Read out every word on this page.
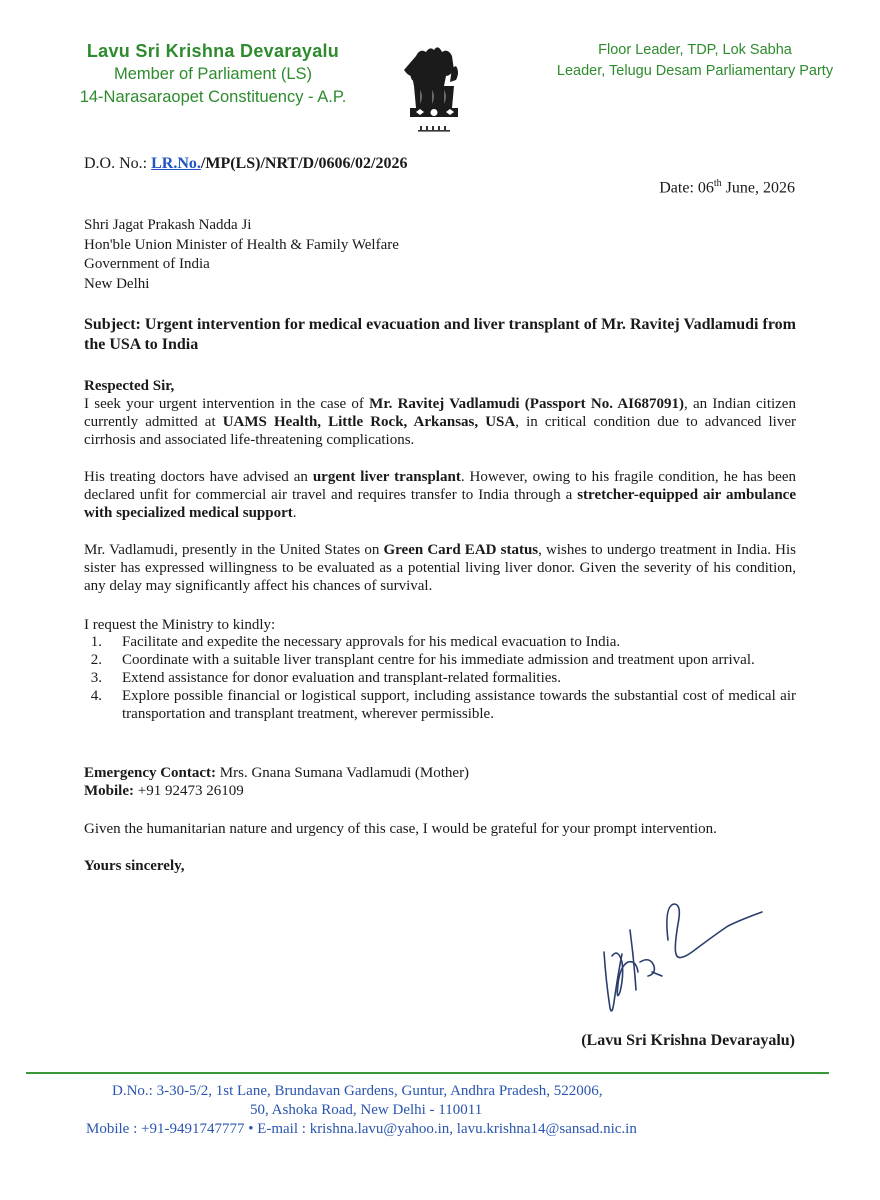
Lavu Sri Krishna Devarayalu
Member of Parliament (LS)
14-Narasaraopet Constituency - A.P.
Floor Leader, TDP, Lok Sabha
Leader, Telugu Desam Parliamentary Party
D.O. No.: LR.No./MP(LS)/NRT/D/0606/02/2026
Date: 06th June, 2026
Shri Jagat Prakash Nadda Ji
Hon'ble Union Minister of Health & Family Welfare
Government of India
New Delhi
Subject: Urgent intervention for medical evacuation and liver transplant of Mr. Ravitej Vadlamudi from the USA to India
Respected Sir,
I seek your urgent intervention in the case of Mr. Ravitej Vadlamudi (Passport No. AI687091), an Indian citizen currently admitted at UAMS Health, Little Rock, Arkansas, USA, in critical condition due to advanced liver cirrhosis and associated life-threatening complications.
His treating doctors have advised an urgent liver transplant. However, owing to his fragile condition, he has been declared unfit for commercial air travel and requires transfer to India through a stretcher-equipped air ambulance with specialized medical support.
Mr. Vadlamudi, presently in the United States on Green Card EAD status, wishes to undergo treatment in India. His sister has expressed willingness to be evaluated as a potential living liver donor. Given the severity of his condition, any delay may significantly affect his chances of survival.
I request the Ministry to kindly:
1.	Facilitate and expedite the necessary approvals for his medical evacuation to India.
2.	Coordinate with a suitable liver transplant centre for his immediate admission and treatment upon arrival.
3.	Extend assistance for donor evaluation and transplant-related formalities.
4.	Explore possible financial or logistical support, including assistance towards the substantial cost of medical air transportation and transplant treatment, wherever permissible.
Emergency Contact: Mrs. Gnana Sumana Vadlamudi (Mother)
Mobile: +91 92473 26109
Given the humanitarian nature and urgency of this case, I would be grateful for your prompt intervention.
Yours sincerely,
(Lavu Sri Krishna Devarayalu)
D.No.: 3-30-5/2, 1st Lane, Brundavan Gardens, Guntur, Andhra Pradesh, 522006,
50, Ashoka Road, New Delhi - 110011
Mobile : +91-9491747777 • E-mail : krishna.lavu@yahoo.in, lavu.krishna14@sansad.nic.in
